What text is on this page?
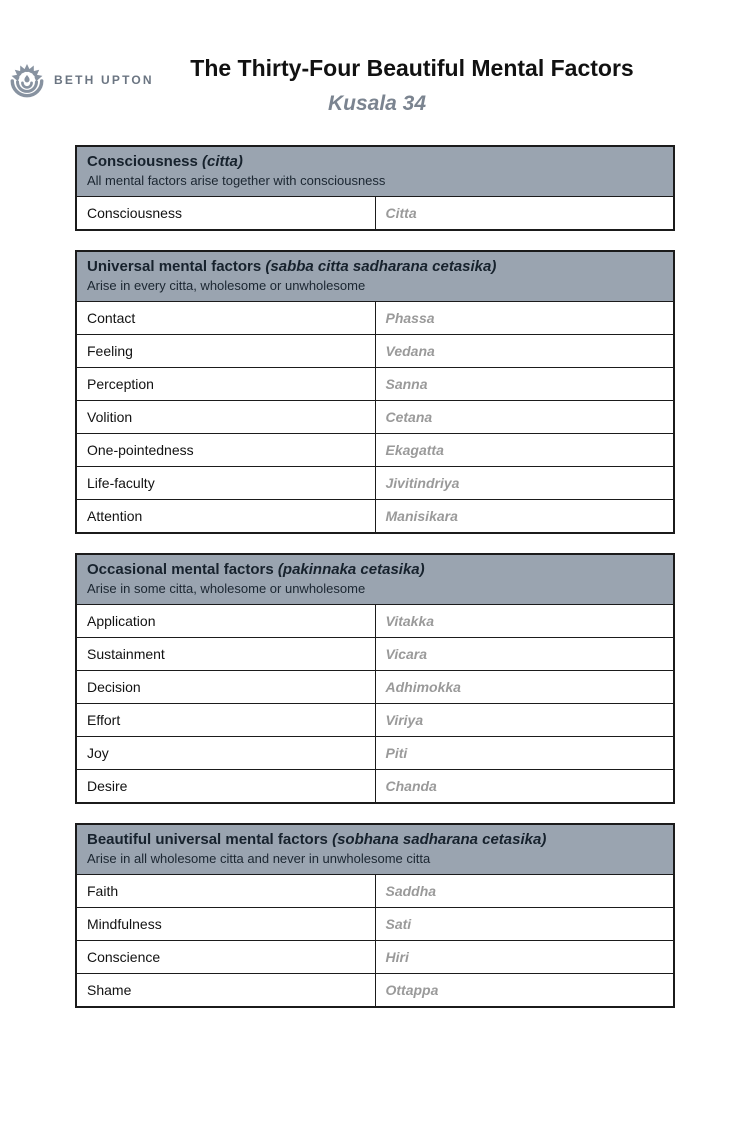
BETH UPTON	The Thirty-Four Beautiful Mental Factors
Kusala 34
Consciousness (citta)
All mental factors arise together with consciousness

Consciousness	Citta
Universal mental factors (sabba citta sadharana cetasika)
Arise in every citta, wholesome or unwholesome	

Contact	Phassa
Feeling	Vedana
Perception	Sanna
Volition	Cetana
One-pointedness	Ekagatta
Life-faculty	Jivitindriya
Attention	Manisikara
Occasional mental factors (pakinnaka cetasika)
Arise in some citta, wholesome or unwholesome	

Application	Vitakka
Sustainment	Vicara
Decision	Adhimokka
Effort	Viriya
Joy	Piti
Desire	Chanda
Beautiful universal mental factors (sobhana sadharana cetasika)
Arise in all wholesome citta and never in unwholesome citta	

Faith	Saddha
Mindfulness	Sati
Conscience	Hiri
Shame	Ottappa
